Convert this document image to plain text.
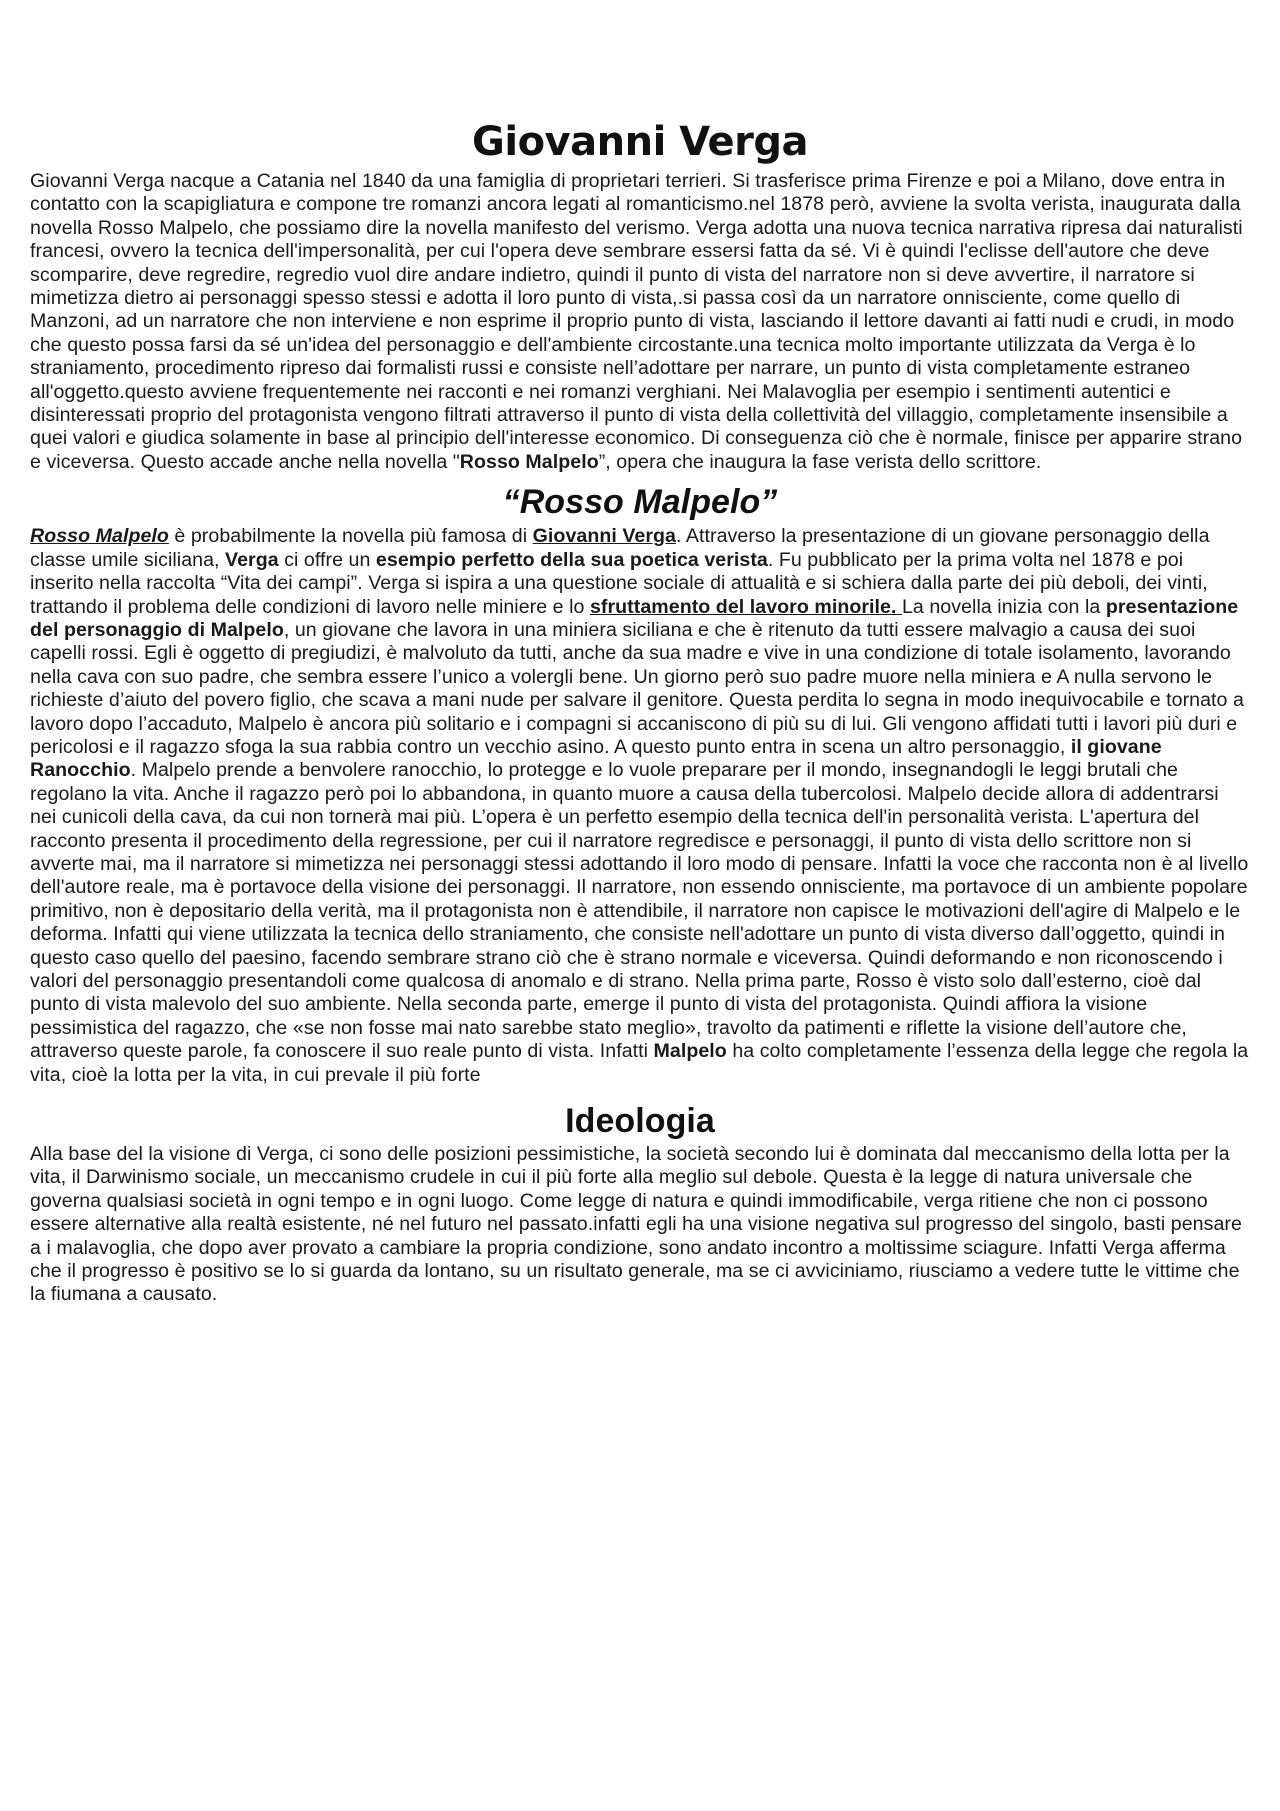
Giovanni Verga

Giovanni Verga nacque a Catania nel 1840 da una famiglia di proprietari terrieri. Si trasferisce prima Firenze e poi a Milano, dove entra in contatto con la scapigliatura e compone tre romanzi ancora legati al romanticismo.nel 1878 però, avviene la svolta verista, inaugurata dalla novella Rosso Malpelo, che possiamo dire la novella manifesto del verismo. Verga adotta una nuova tecnica narrativa ripresa dai naturalisti francesi, ovvero la tecnica dell'impersonalità, per cui l'opera deve sembrare essersi fatta da sé. Vi è quindi l'eclisse dell'autore che deve scomparire, deve regredire, regredio vuol dire andare indietro, quindi il punto di vista del narratore non si deve avvertire, il narratore si mimetizza dietro ai personaggi spesso stessi e adotta il loro punto di vista,.si passa così da un narratore onnisciente, come quello di Manzoni, ad un narratore che non interviene e non esprime il proprio punto di vista, lasciando il lettore davanti ai fatti nudi e crudi, in modo che questo possa farsi da sé un'idea del personaggio e dell'ambiente circostante.una tecnica molto importante utilizzata da Verga è lo straniamento, procedimento ripreso dai formalisti russi e consiste nell’adottare per narrare, un punto di vista completamente estraneo all'oggetto.questo avviene frequentemente nei racconti e nei romanzi verghiani. Nei Malavoglia per esempio i sentimenti autentici e disinteressati proprio del protagonista vengono filtrati attraverso il punto di vista della collettività del villaggio, completamente insensibile a quei valori e giudica solamente in base al principio dell'interesse economico. Di conseguenza ciò che è normale, finisce per apparire strano e viceversa. Questo accade anche nella novella "Rosso Malpelo”, opera che inaugura la fase verista dello scrittore.

“Rosso Malpelo”

Rosso Malpelo è probabilmente la novella più famosa di Giovanni Verga. Attraverso la presentazione di un giovane personaggio della classe umile siciliana, Verga ci offre un esempio perfetto della sua poetica verista. Fu pubblicato per la prima volta nel 1878 e poi inserito nella raccolta “Vita dei campi”. Verga si ispira a una questione sociale di attualità e si schiera dalla parte dei più deboli, dei vinti, trattando il problema delle condizioni di lavoro nelle miniere e lo sfruttamento del lavoro minorile. La novella inizia con la presentazione del personaggio di Malpelo, un giovane che lavora in una miniera siciliana e che è ritenuto da tutti essere malvagio a causa dei suoi capelli rossi. Egli è oggetto di pregiudizi, è malvoluto da tutti, anche da sua madre e vive in una condizione di totale isolamento, lavorando nella cava con suo padre, che sembra essere l’unico a volergli bene. Un giorno però suo padre muore nella miniera e A nulla servono le richieste d’aiuto del povero figlio, che scava a mani nude per salvare il genitore. Questa perdita lo segna in modo inequivocabile e tornato a lavoro dopo l’accaduto, Malpelo è ancora più solitario e i compagni si accaniscono di più su di lui. Gli vengono affidati tutti i lavori più duri e pericolosi e il ragazzo sfoga la sua rabbia contro un vecchio asino. A questo punto entra in scena un altro personaggio, il giovane Ranocchio. Malpelo prende a benvolere ranocchio, lo protegge e lo vuole preparare per il mondo, insegnandogli le leggi brutali che regolano la vita. Anche il ragazzo però poi lo abbandona, in quanto muore a causa della tubercolosi. Malpelo decide allora di addentrarsi nei cunicoli della cava, da cui non tornerà mai più. L’opera è un perfetto esempio della tecnica dell'in personalità verista. L'apertura del racconto presenta il procedimento della regressione, per cui il narratore regredisce e personaggi, il punto di vista dello scrittore non si avverte mai, ma il narratore si mimetizza nei personaggi stessi adottando il loro modo di pensare. Infatti la voce che racconta non è al livello dell'autore reale, ma è portavoce della visione dei personaggi. Il narratore, non essendo onnisciente, ma portavoce di un ambiente popolare primitivo, non è depositario della verità, ma il protagonista non è attendibile, il narratore non capisce le motivazioni dell'agire di Malpelo e le deforma. Infatti qui viene utilizzata la tecnica dello straniamento, che consiste nell'adottare un punto di vista diverso dall’oggetto, quindi in questo caso quello del paesino, facendo sembrare strano ciò che è strano normale e viceversa. Quindi deformando e non riconoscendo i valori del personaggio presentandoli come qualcosa di anomalo e di strano. Nella prima parte, Rosso è visto solo dall’esterno, cioè dal punto di vista malevolo del suo ambiente. Nella seconda parte, emerge il punto di vista del protagonista. Quindi affiora la visione pessimistica del ragazzo, che «se non fosse mai nato sarebbe stato meglio», travolto da patimenti e riflette la visione dell’autore che, attraverso queste parole, fa conoscere il suo reale punto di vista. Infatti Malpelo ha colto completamente l’essenza della legge che regola la vita, cioè la lotta per la vita, in cui prevale il più forte

Ideologia

Alla base del la visione di Verga, ci sono delle posizioni pessimistiche, la società secondo lui è dominata dal meccanismo della lotta per la vita, il Darwinismo sociale, un meccanismo crudele in cui il più forte alla meglio sul debole. Questa è la legge di natura universale che governa qualsiasi società in ogni tempo e in ogni luogo. Come legge di natura e quindi immodificabile, verga ritiene che non ci possono essere alternative alla realtà esistente, né nel futuro nel passato.infatti egli ha una visione negativa sul progresso del singolo, basti pensare a i malavoglia, che dopo aver provato a cambiare la propria condizione, sono andato incontro a moltissime sciagure. Infatti Verga afferma che il progresso è positivo se lo si guarda da lontano, su un risultato generale, ma se ci avviciniamo, riusciamo a vedere tutte le vittime che la fiumana a causato.
